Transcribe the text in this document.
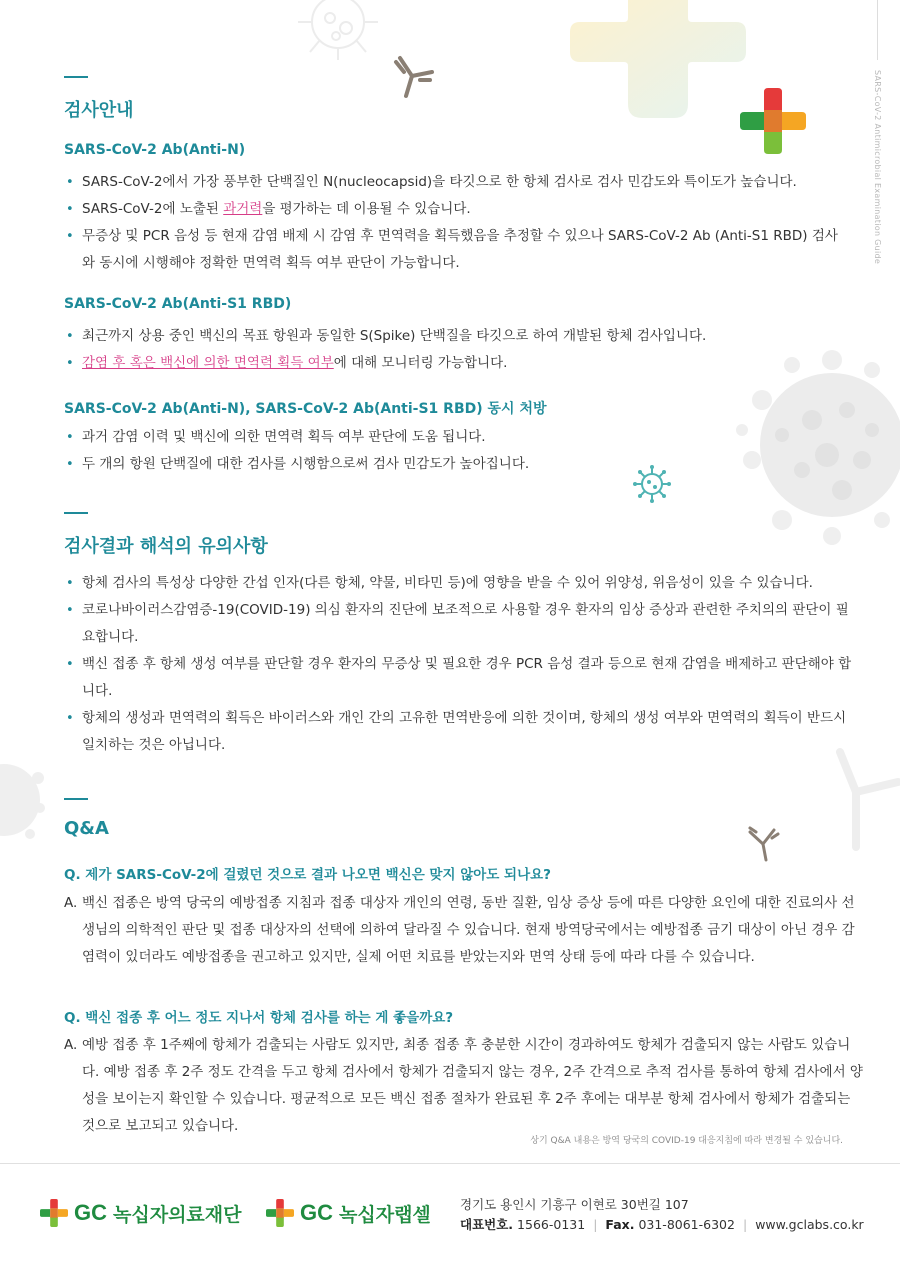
SARS-CoV-2 Antimicrobial Examination Guide
검사안내
SARS-CoV-2 Ab(Anti-N)
• SARS-CoV-2에서 가장 풍부한 단백질인 N(nucleocapsid)을 타깃으로 한 항체 검사로 검사 민감도와 특이도가 높습니다.
• SARS-CoV-2에 노출된 과거력을 평가하는 데 이용될 수 있습니다.
• 무증상 및 PCR 음성 등 현재 감염 배제 시 감염 후 면역력을 획득했음을 추정할 수 있으나 SARS-CoV-2 Ab (Anti-S1 RBD) 검사와 동시에 시행해야 정확한 면역력 획득 여부 판단이 가능합니다.
SARS-CoV-2 Ab(Anti-S1 RBD)
• 최근까지 상용 중인 백신의 목표 항원과 동일한 S(Spike) 단백질을 타깃으로 하여 개발된 항체 검사입니다.
• 감염 후 혹은 백신에 의한 면역력 획득 여부에 대해 모니터링 가능합니다.
SARS-CoV-2 Ab(Anti-N), SARS-CoV-2 Ab(Anti-S1 RBD) 동시 처방
• 과거 감염 이력 및 백신에 의한 면역력 획득 여부 판단에 도움 됩니다.
• 두 개의 항원 단백질에 대한 검사를 시행함으로써 검사 민감도가 높아집니다.
검사결과 해석의 유의사항
• 항체 검사의 특성상 다양한 간섭 인자(다른 항체, 약물, 비타민 등)에 영향을 받을 수 있어 위양성, 위음성이 있을 수 있습니다.
• 코로나바이러스감염증-19(COVID-19) 의심 환자의 진단에 보조적으로 사용할 경우 환자의 임상 증상과 관련한 주치의의 판단이 필요합니다.
• 백신 접종 후 항체 생성 여부를 판단할 경우 환자의 무증상 및 필요한 경우 PCR 음성 결과 등으로 현재 감염을 배제하고 판단해야 합니다.
• 항체의 생성과 면역력의 획득은 바이러스와 개인 간의 고유한 면역반응에 의한 것이며, 항체의 생성 여부와 면역력의 획득이 반드시 일치하는 것은 아닙니다.
Q&A

Q. 제가 SARS-CoV-2에 걸렸던 것으로 결과 나오면 백신은 맞지 않아도 되나요?

A. 백신 접종은 방역 당국의 예방접종 지침과 접종 대상자 개인의 연령, 동반 질환, 임상 증상 등에 따른 다양한 요인에 대한 진료의사 선생님의 의학적인 판단 및 접종 대상자의 선택에 의하여 달라질 수 있습니다. 현재 방역당국에서는 예방접종 금기 대상이 아닌 경우 감염력이 있더라도 예방접종을 권고하고 있지만, 실제 어떤 치료를 받았는지와 면역 상태 등에 따라 다를 수 있습니다.

Q. 백신 접종 후 어느 정도 지나서 항체 검사를 하는 게 좋을까요?

A. 예방 접종 후 1주째에 항체가 검출되는 사람도 있지만, 최종 접종 후 충분한 시간이 경과하여도 항체가 검출되지 않는 사람도 있습니다. 예방 접종 후 2주 정도 간격을 두고 항체 검사에서 항체가 검출되지 않는 경우, 2주 간격으로 추적 검사를 통하여 항체 검사에서 양성을 보이는지 확인할 수 있습니다. 평균적으로 모든 백신 접종 절차가 완료된 후 2주 후에는 대부분 항체 검사에서 항체가 검출되는 것으로 보고되고 있습니다.

상기 Q&A 내용은 방역 당국의 COVID-19 대응지침에 따라 변경될 수 있습니다.
GC 녹십자 의료재단	GC 녹십자 랩셀 경기도 용인시 기흥구 이현로 30번길 107
대표번호. 1566-0131 | Fax. 031-8061-6302 | www.gclabs.co.kr
